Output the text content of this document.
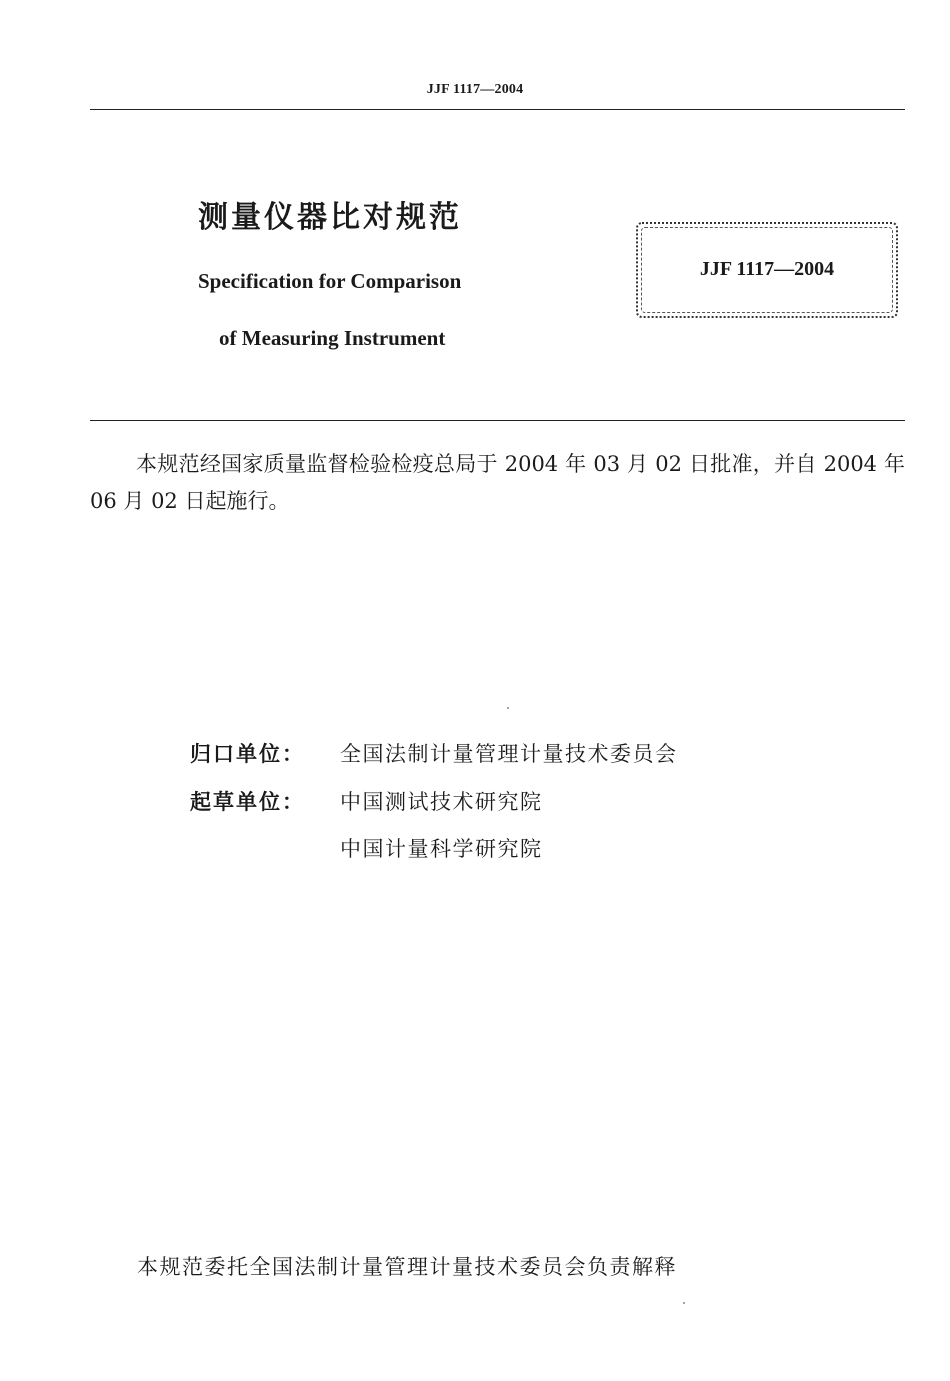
JJF 1117—2004
测量仪器比对规范
Specification for Comparison
of Measuring Instrument
JJF 1117—2004
本规范经国家质量监督检验检疫总局于 2004 年 03 月 02 日批准，并自 2004 年 06 月 02 日起施行。
归口单位： 全国法制计量管理计量技术委员会
起草单位： 中国测试技术研究院
中国计量科学研究院
本规范委托全国法制计量管理计量技术委员会负责解释
